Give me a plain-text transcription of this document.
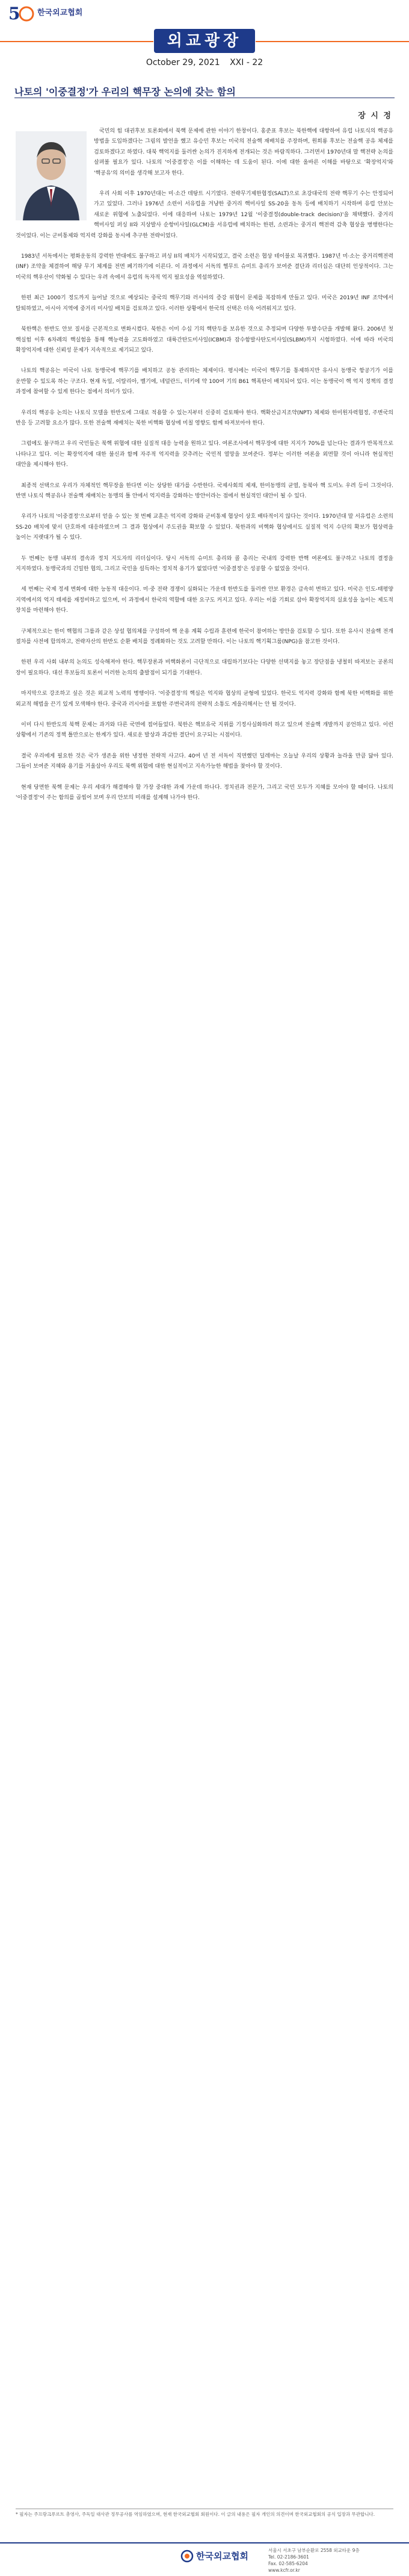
5 한국외교협회
외교광장
October 29, 2021 XXI - 22
나토의 '이중결정'가 우리의 핵무장 논의에 갖는 함의
장 시 정

국민의 힘 대권후보 토론회에서 북핵 문제에 관한 이야기 한창이다. 홍준표 후보는 북한핵에 대항하여 유럽 나토식의 핵공유 방법을 도입하겠다는 그림의 발언을 했고 유승민 후보는 미국의 전술핵 재배치를 주장하며, 원희룡 후보는 전술핵 공유 체제를 검토하겠다고 하였다. 대북 핵억지를 둘러싼 논의가 진지하게 전개되는 것은 바람직하다. 그러면서 1970년대 말 핵전략 논의를 살펴볼 필요가 있다. 나토의 '이중결정'은 이를 이해하는 데 도움이 된다. 이에 대한 올바른 이해를 바탕으로 '확장억지'와 '핵공유'의 의미를 생각해 보고자 한다.

우리 사회 이후 1970년대는 미·소간 데탕트 시기였다. 전략무기제한협정(SALT)으로 초강대국의 전략 핵무기 수는 안정되어 가고 있었다. 그러나 1976년 소련이 서유럽을 겨냥한 중거리 핵미사일 SS-20을 동독 등에 배치하기 시작하며 유럽 안보는 새로운 위협에 노출되었다. 이에 대응하여 나토는 1979년 12월 '이중결정(double-track decision)'을 채택했다. 중거리 핵미사일 퍼싱 II와 지상발사 순항미사일(GLCM)을 서유럽에 배치하는 한편, 소련과는 중거리 핵전력 감축 협상을 병행한다는 것이었다. 이는 군비통제와 억지력 강화를 동시에 추구한 전략이었다.

1983년 서독에서는 평화운동의 강력한 반대에도 불구하고 퍼싱 II의 배치가 시작되었고, 결국 소련은 협상 테이블로 복귀했다. 1987년 미·소는 중거리핵전력(INF) 조약을 체결하여 해당 무기 체계를 전면 폐기하기에 이른다. 이 과정에서 서독의 헬무트 슈미트 총리가 보여준 결단과 리더십은 대단히 인상적이다. 그는 미국의 핵우산이 약화될 수 있다는 우려 속에서 유럽의 독자적 억지 필요성을 역설하였다.

한편 최근 1000기 정도까지 늘어날 것으로 예상되는 중국의 핵무기와 러시아의 증강 위협이 문제를 복잡하게 만들고 있다. 미국은 2019년 INF 조약에서 탈퇴하였고, 아시아 지역에 중거리 미사일 배치를 검토하고 있다. 이러한 상황에서 한국의 선택은 더욱 어려워지고 있다.

북한핵은 한반도 안보 질서를 근본적으로 변화시켰다. 북한은 이미 수십 기의 핵탄두를 보유한 것으로 추정되며 다양한 투발수단을 개발해 왔다. 2006년 첫 핵실험 이후 6차례의 핵실험을 통해 핵능력을 고도화하였고 대륙간탄도미사일(ICBM)과 잠수함발사탄도미사일(SLBM)까지 시험하였다. 이에 따라 미국의 확장억지에 대한 신뢰성 문제가 지속적으로 제기되고 있다.

나토의 핵공유는 미국이 나토 동맹국에 핵무기를 배치하고 공동 관리하는 체제이다. 평시에는 미국이 핵무기를 통제하지만 유사시 동맹국 항공기가 이를 운반할 수 있도록 하는 구조다. 현재 독일, 이탈리아, 벨기에, 네덜란드, 터키에 약 100여 기의 B61 핵폭탄이 배치되어 있다. 이는 동맹국이 핵 억지 정책의 결정 과정에 참여할 수 있게 한다는 점에서 의미가 있다.

우리의 핵공유 논의는 나토식 모델을 한반도에 그대로 적용할 수 있는지부터 신중히 검토해야 한다. 핵확산금지조약(NPT) 체제와 한미원자력협정, 주변국의 반응 등 고려할 요소가 많다. 또한 전술핵 재배치는 북한 비핵화 협상에 미칠 영향도 함께 따져보아야 한다.

그럼에도 불구하고 우리 국민들은 북핵 위협에 대한 실질적 대응 능력을 원하고 있다. 여론조사에서 핵무장에 대한 지지가 70%를 넘는다는 결과가 반복적으로 나타나고 있다. 이는 확장억지에 대한 불신과 함께 자주적 억지력을 갖추려는 국민적 열망을 보여준다. 정부는 이러한 여론을 외면할 것이 아니라 현실적인 대안을 제시해야 한다.

최종적 선택으로 우리가 자체적인 핵무장을 한다면 이는 상당한 대가를 수반한다. 국제사회의 제재, 한미동맹의 균열, 동북아 핵 도미노 우려 등이 그것이다. 반면 나토식 핵공유나 전술핵 재배치는 동맹의 틀 안에서 억지력을 강화하는 방안이라는 점에서 현실적인 대안이 될 수 있다.

우리가 나토의 '이중결정'으로부터 얻을 수 있는 첫 번째 교훈은 억지력 강화와 군비통제 협상이 상호 배타적이지 않다는 것이다. 1970년대 말 서유럽은 소련의 SS-20 배치에 맞서 단호하게 대응하였으며 그 결과 협상에서 주도권을 확보할 수 있었다. 북한과의 비핵화 협상에서도 실질적 억지 수단의 확보가 협상력을 높이는 지렛대가 될 수 있다.

두 번째는 동맹 내부의 결속과 정치 지도자의 리더십이다. 당시 서독의 슈미트 총리와 콜 총리는 국내의 강력한 반핵 여론에도 불구하고 나토의 결정을 지지하였다. 동맹국과의 긴밀한 협의, 그리고 국민을 설득하는 정치적 용기가 없었다면 '이중결정'은 성공할 수 없었을 것이다.

세 번째는 국제 정세 변화에 대한 능동적 대응이다. 미·중 전략 경쟁이 심화되는 가운데 한반도를 둘러싼 안보 환경은 급속히 변하고 있다. 미국은 인도-태평양 지역에서의 억지 태세를 재정비하고 있으며, 이 과정에서 한국의 역할에 대한 요구도 커지고 있다. 우리는 이를 기회로 삼아 확장억지의 실효성을 높이는 제도적 장치를 마련해야 한다.

구체적으로는 한미 핵협의 그룹과 같은 상설 협의체를 구성하여 핵 운용 계획 수립과 훈련에 한국이 참여하는 방안을 검토할 수 있다. 또한 유사시 전술핵 전개 절차를 사전에 합의하고, 전략자산의 한반도 순환 배치를 정례화하는 것도 고려할 만하다. 이는 나토의 핵기획그룹(NPG)을 참고한 것이다.

한편 우리 사회 내부의 논의도 성숙해져야 한다. 핵무장론과 비핵화론이 극단적으로 대립하기보다는 다양한 선택지를 놓고 장단점을 냉철히 따져보는 공론의 장이 필요하다. 대선 후보들의 토론이 이러한 논의의 출발점이 되기를 기대한다.

마지막으로 강조하고 싶은 것은 외교적 노력의 병행이다. '이중결정'의 핵심은 억지와 협상의 균형에 있었다. 한국도 억지력 강화와 함께 북한 비핵화를 위한 외교적 해법을 끈기 있게 모색해야 한다. 중국과 러시아를 포함한 주변국과의 전략적 소통도 게을리해서는 안 될 것이다.

이미 다시 한반도의 북핵 문제는 과거와 다른 국면에 접어들었다. 북한은 핵보유국 지위를 기정사실화하려 하고 있으며 전술핵 개발까지 공언하고 있다. 이런 상황에서 기존의 정책 틀만으로는 한계가 있다. 새로운 발상과 과감한 결단이 요구되는 시점이다.

결국 우리에게 필요한 것은 국가 생존을 위한 냉정한 전략적 사고다. 40여 년 전 서독이 직면했던 딜레마는 오늘날 우리의 상황과 놀라울 만큼 닮아 있다. 그들이 보여준 지혜와 용기를 거울삼아 우리도 북핵 위협에 대한 현실적이고 지속가능한 해법을 찾아야 할 것이다.

현재 당면한 북핵 문제는 우리 세대가 해결해야 할 가장 중대한 과제 가운데 하나다. 정치권과 전문가, 그리고 국민 모두가 지혜를 모아야 할 때이다. 나토의 '이중결정'이 주는 함의를 곱씹어 보며 우리 안보의 미래를 설계해 나가야 한다.

* 필자는 주프랑크푸르트 총영사, 주독일 대사관 정무공사를 역임하였으며, 현재 한국외교협회 회원이다. 이 글의 내용은 필자 개인의 의견이며 한국외교협회의 공식 입장과 무관합니다.
한국외교협회
서울시 서초구 남부순환로 2558 외교타운 9층
Tel. 02-2186-3601
Fax. 02-585-6204
www.kcfr.or.kr
